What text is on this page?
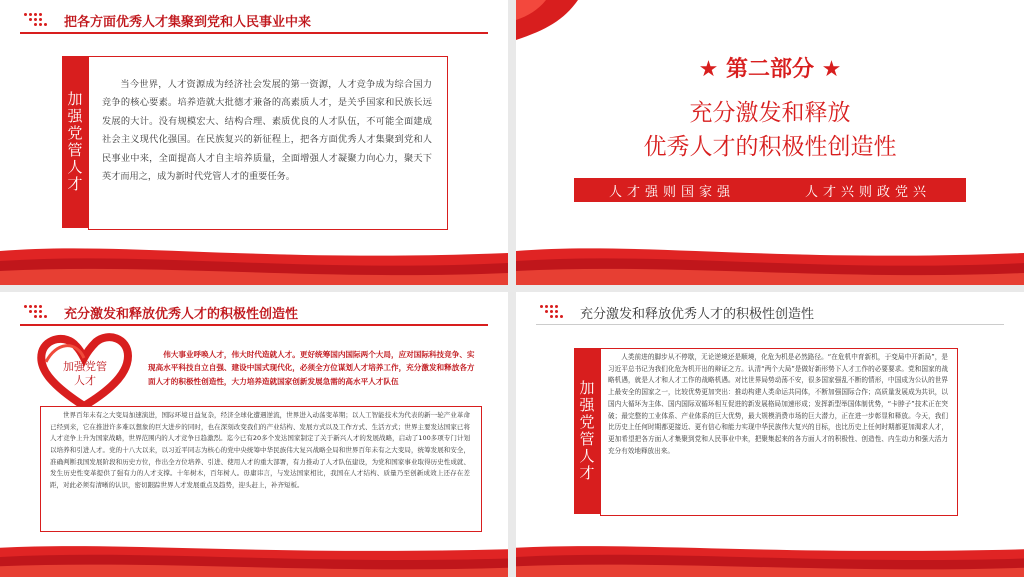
把各方面优秀人才集聚到党和人民事业中来
加强党管人才
当今世界，人才资源成为经济社会发展的第一资源，人才竞争成为综合国力竞争的核心要素。培养造就大批德才兼备的高素质人才，是关乎国家和民族长远发展的大计。没有规模宏大、结构合理、素质优良的人才队伍，不可能全面建成社会主义现代化强国。在民族复兴的新征程上，把各方面优秀人才集聚到党和人民事业中来，全面提高人才自主培养质量，全面增强人才凝聚力向心力，聚天下英才而用之，成为新时代党管人才的重要任务。
★ 第二部分 ★
充分激发和释放
优秀人才的积极性创造性
人才强则国家强	人才兴则政党兴
充分激发和释放优秀人才的积极性创造性
加强党管人才
伟大事业呼唤人才，伟大时代造就人才。更好统筹国内国际两个大局，应对国际科技竞争、实现高水平科技自立自强、建设中国式现代化，必须全方位谋划人才培养工作，充分激发和释放各方面人才的积极性创造性，大力培养造就国家创新发展急需的高水平人才队伍
世界百年未有之大变局加速演进，国际环境日益复杂，经济全球化遭遇逆流，世界进入动荡变革期；以人工智能技术为代表的新一轮产业革命已经到来，它在推进许多难以想象的巨大进步的同时，也在深刻改变我们的产业结构、发展方式以及工作方式、生活方式；世界主要发达国家已将人才竞争上升为国家战略，世界范围内的人才竞争日趋激烈。迄今已有20多个发达国家制定了关于新兴人才的发展战略，启动了100多项专门计划以培养和引进人才。党的十八大以来，以习近平同志为核心的党中央统筹中华民族伟大复兴战略全局和世界百年未有之大变局，统筹发展和安全，准确判断我国发展阶段和历史方位，作出全方位培养、引进、使用人才的重大部署，有力推动了人才队伍建设，为党和国家事业取得历史性成就、发生历史性变革提供了强有力的人才支撑。十年树木，百年树人。毋庸讳言，与发达国家相比，我国在人才结构、质量乃至创新成效上还存在差距，对此必须有清晰的认识，密切跟踪世界人才发展重点及趋势，迎头赶上，补齐短板。
充分激发和释放优秀人才的积极性创造性
加强党管人才
人类前进的脚步从不停歇，无论逆境还是顺境，化危为机是必然路径。“在危机中育新机，于变局中开新局”，是习近平总书记为我们化危为机开出的辩证之方。认清“两个大局”是做好新形势下人才工作的必要要求。党和国家的战略机遇，就是人才和人才工作的战略机遇。对比世界局势动荡不安，很多国家强乱不断的情形，中国成为公认的世界上最安全的国家之一，比较优势更加突出：推动构建人类命运共同体，不断加强国际合作；高质量发展成为共识，以国内大循环为主体、国内国际双循环相互促进的新发展格局加速形成；发挥新型举国体制优势，“卡脖子”技术正在突破；最完整的工业体系、产业体系的巨大优势，最大规模消费市场的巨大潜力，正在进一步彰显和释放。今天，我们比历史上任何时期都更接近、更有信心和能力实现中华民族伟大复兴的目标，也比历史上任何时期都更加渴求人才，更加希望把各方面人才集聚到党和人民事业中来，把聚集起来的各方面人才的积极性、创造性、内生动力和强大活力充分有效地释放出来。
